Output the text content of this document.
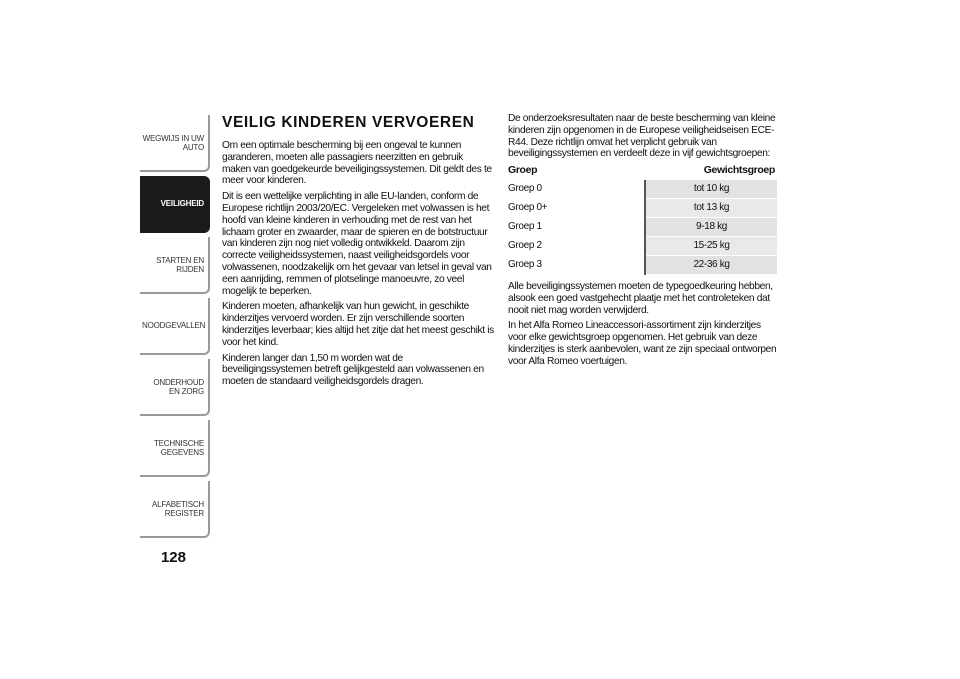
WEGWIJS IN UW AUTO
VEILIGHEID
STARTEN EN RIJDEN
NOODGEVALLEN
ONDERHOUD EN ZORG
TECHNISCHE GEGEVENS
ALFABETISCH REGISTER
128
VEILIG KINDEREN VERVOEREN

Om een optimale bescherming bij een ongeval te kunnen garanderen, moeten alle passagiers neerzitten en gebruik maken van goedgekeurde beveiligingssystemen. Dit geldt des te meer voor kinderen.

Dit is een wettelijke verplichting in alle EU-landen, conform de Europese richtlijn 2003/20/EC. Vergeleken met volwassen is het hoofd van kleine kinderen in verhouding met de rest van het lichaam groter en zwaarder, maar de spieren en de botstructuur van kinderen zijn nog niet volledig ontwikkeld. Daarom zijn correcte veiligheidssystemen, naast veiligheidsgordels voor volwassenen, noodzakelijk om het gevaar van letsel in geval van een aanrijding, remmen of plotselinge manoeuvre, zo veel mogelijk te beperken.

Kinderen moeten, afhankelijk van hun gewicht, in geschikte kinderzitjes vervoerd worden. Er zijn verschillende soorten kinderzitjes leverbaar; kies altijd het zitje dat het meest geschikt is voor het kind.

Kinderen langer dan 1,50 m worden wat de beveiligingssystemen betreft gelijkgesteld aan volwassenen en moeten de standaard veiligheidsgordels dragen.

De onderzoeksresultaten naar de beste bescherming van kleine kinderen zijn opgenomen in de Europese veiligheidseisen ECE-R44. Deze richtlijn omvat het verplicht gebruik van beveiligingssystemen en verdeelt deze in vijf gewichtsgroepen:

Groep	Gewichtsgroep
Groep 0	tot 10 kg
Groep 0+	tot 13 kg
Groep 1	9-18 kg
Groep 2	15-25 kg
Groep 3	22-36 kg

Alle beveiligingssystemen moeten de typegoedkeuring hebben, alsook een goed vastgehecht plaatje met het controleteken dat nooit niet mag worden verwijderd.

In het Alfa Romeo Lineaccessori-assortiment zijn kinderzitjes voor elke gewichtsgroep opgenomen. Het gebruik van deze kinderzitjes is sterk aanbevolen, want ze zijn speciaal ontworpen voor Alfa Romeo voertuigen.
